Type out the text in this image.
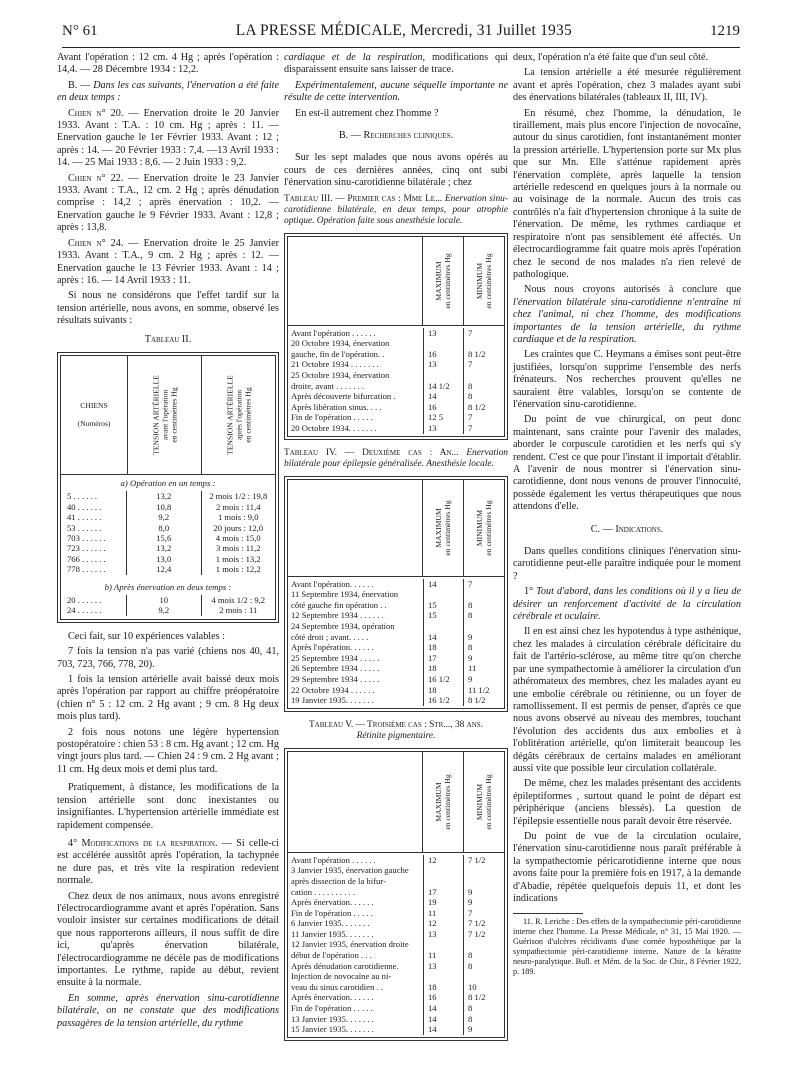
N° 61	LA PRESSE MÉDICALE, Mercredi, 31 Juillet 1935	1219

Avant l'opération : 12 cm. 4 Hg ; après l'opération : 14,4. — 28 Décembre 1934 : 12,2.

B. — Dans les cas suivants, l'énervation a été faite en deux temps :

Chien n° 20. — Enervation droite le 20 Janvier 1933. Avant : T.A. : 10 cm. Hg ; après : 11. — Enervation gauche le 1er Février 1933. Avant : 12 ; après : 14. — 20 Février 1933 : 7,4. —13 Avril 1933 : 14. — 25 Mai 1933 : 8,6. — 2 Juin 1933 : 9,2.

Chien n° 22. — Enervation droite le 23 Janvier 1933. Avant : T.A., 12 cm. 2 Hg ; après dénudation comprise : 14,2 ; après énervation : 10,2. — Enervation gauche le 9 Février 1933. Avant : 12,8 ; après : 13,8.

Chien n° 24. — Enervation droite le 25 Janvier 1933. Avant : T.A., 9 cm. 2 Hg ; après : 12. — Enervation gauche le 13 Février 1933. Avant : 14 ; après : 16. — 14 Avril 1933 : 11.

Si nous ne considérons que l'effet tardif sur la tension artérielle, nous avons, en somme, observé les résultats suivants :

Tableau II.

CHIENS
(Numéros)	TENSION ARTÉRIELLE
avant l'opération
en centimètres Hg	TENSION ARTÉRIELLE
après l'opération
en centimètres Hg
a) Opération en un temps :
5 . . . . . .	13,2	2 mois 1/2 : 19,8
40 . . . . . .	10,8	2 mois : 11,4
41 . . . . . .	9,2	1 mois : 9,0
53 . . . . . .	8,0	20 jours : 12,0
703 . . . . . .	15,6	4 mois : 15,0
723 . . . . . .	13,2	3 mois : 11,2
766 . . . . . .	13,0	1 mois : 13,2
778 . . . . . .	12,4	1 mois : 12,2
b) Après énervation en deux temps :
20 . . . . . .	10	4 mois 1/2 : 9,2
24 . . . . . .	9,2	2 mois : 11

Ceci fait, sur 10 expériences valables :

7 fois la tension n'a pas varié (chiens nos 40, 41, 703, 723, 766, 778, 20).

1 fois la tension artérielle avait baissé deux mois après l'opération par rapport au chiffre préopératoire (chien n° 5 : 12 cm. 2 Hg avant ; 9 cm. 8 Hg deux mois plus tard).

2 fois nous notons une légère hypertension postopératoire : chien 53 : 8 cm. Hg avant ; 12 cm. Hg vingt jours plus tard. — Chien 24 : 9 cm. 2 Hg avant ; 11 cm. Hg deux mois et demi plus tard.

Pratiquement, à distance, les modifications de la tension artérielle sont donc inexistantes ou insignifiantes. L'hypertension artérielle immédiate est rapidement compensée.

4° Modifications de la respiration. — Si celle-ci est accélérée aussitôt après l'opération, la tachypnée ne dure pas, et très vite la respiration redevient normale.

Chez deux de nos animaux, nous avons enregistré l'électrocardiogramme avant et après l'opération. Sans vouloir insister sur certaines modifications de détail que nous rapporterons ailleurs, il nous suffit de dire ici, qu'après énervation bilatérale, l'électrocardiogramme ne décèle pas de modifications importantes. Le rythme, rapide au début, revient ensuite à la normale.

En somme, après énervation sinu-carotidienne bilatérale, on ne constate que des modifications passagères de la tension artérielle, du rythme

cardiaque et de la respiration, modifications qui disparaissent ensuite sans laisser de trace.

Expérimentalement, aucune séquelle importante ne résulte de cette intervention.

En est-il autrement chez l'homme ?

B. — Recherches cliniques.

Sur les sept malades que nous avons opérés au cours de ces dernières années, cinq ont subi l'énervation sinu-carotidienne bilatérale ; chez

Tableau III. — Premier cas : Mme Le... Enervation sinu-carotidienne bilatérale, en deux temps, pour atrophie optique. Opération faite sous anesthésie locale.

MAXIMUM
en centimètres Hg	MINIMUM
en centimètres Hg
Avant l'opération . . . . . .	13	7
20 Octobre 1934, énervation
gauche, fin de l'opération. .	16	8 1/2
21 Octobre 1934 . . . . . . .	13	7
25 Octobre 1934, énervation
droite, avant . . . . . . .	14 1/2	8
Après découverte bifurcation .	14	8
Après libération sinus. . . .	16	8 1/2
Fin de l'opération . . . . .	12 5	7
20 Octobre 1934. . . . . . .	13	7

Tableau IV. — Deuxième cas : An... Enervation bilatérale pour épilepsie généralisée. Anesthésie locale.

MAXIMUM
en centimètres Hg	MINIMUM
en centimètres Hg
Avant l'opération. . . . . .	14	7
11 Septembre 1934, énervation
côté gauche fin opération . .	15	8
12 Septembre 1934 . . . . . .	15	8
24 Septembre 1934, opération
côté droit ; avant. . . . .	14	9
Après l'opération. . . . . .	18	8
25 Septembre 1934 . . . . .	17	9
26 Septembre 1934 . . . . .	18	11
29 Septembre 1934 . . . . .	16 1/2	9
22 Octobre 1934 . . . . . .	18	11 1/2
19 Janvier 1935. . . . . . .	16 1/2	8 1/2

Tableau V. — Troisième cas : Str..., 38 ans.
Rétinite pigmentaire.

MAXIMUM
en centimètres Hg	MINIMUM
en centimètres Hg
Avant l'opération . . . . . .	12	7 1/2
3 Janvier 1935, énervation gauche
après dissection de la bifur-
cation . . . . . . . . . .	17	9
Après énervation. . . . . .	19	9
Fin de l'opération . . . . .	11	7
6 Janvier 1935. . . . . . .	12	7 1/2
11 Janvier 1935. . . . . . .	13	7 1/2
12 Janvier 1935, énervation droite
début de l'opération . . .	11	8
Après dénudation carotidienne.	13	8
Injection de novocaïne au ni-
veau du sinus carotidien . .	18	10
Après énervation. . . . . .	16	8 1/2
Fin de l'opération . . . . .	14	8
13 Janvier 1935. . . . . . .	14	8
15 Janvier 1935. . . . . . .	14	9

deux, l'opération n'a été faite que d'un seul côté.

La tension artérielle a été mesurée régulièrement avant et après l'opération, chez 3 malades ayant subi des énervations bilatérales (tableaux II, III, IV).

En résumé, chez l'homme, la dénudation, le tiraillement, mais plus encore l'injection de novocaïne, autour du sinus carotidien, font instantanément monter la pression artérielle. L'hypertension porte sur Mx plus que sur Mn. Elle s'atténue rapidement après l'énervation complète, après laquelle la tension artérielle redescend en quelques jours à la normale ou au voisinage de la normale. Aucun des trois cas contrôlés n'a fait d'hypertension chronique à la suite de l'énervation. De même, les rythmes cardiaque et respiratoire n'ont pas sensiblement été affectés. Un électrocardiogramme fait quatre mois après l'opération chez le second de nos malades n'a rien relevé de pathologique.

Nous nous croyons autorisés à conclure que l'énervation bilatérale sinu-carotidienne n'entraîne ni chez l'animal, ni chez l'homme, des modifications importantes de la tension artérielle, du rythme cardiaque et de la respiration.

Les craintes que C. Heymans a émises sont peut-être justifiées, lorsqu'on supprime l'ensemble des nerfs frénateurs. Nos recherches prouvent qu'elles ne sauraient être valables, lorsqu'on se contente de l'énervation sinu-carotidienne.

Du point de vue chirurgical, on peut donc maintenant, sans crainte pour l'avenir des malades, aborder le corpuscule carotidien et les nerfs qui s'y rendent. C'est ce que pour l'instant il importait d'établir. A l'avenir de nous montrer si l'énervation sinu-carotidienne, dont nous venons de prouver l'innocuité, possède également les vertus thérapeutiques que nous attendons d'elle.

C. — Indications.

Dans quelles conditions cliniques l'énervation sinu-carotidienne peut-elle paraître indiquée pour le moment ?

1° Tout d'abord, dans les conditions où il y a lieu de désirer un renforcement d'activité de la circulation cérébrale et oculaire.

Il en est ainsi chez les hypotendus à type asthénique, chez les malades à circulation cérébrale déficitaire du fait de l'artério-sclérose, au même titre qu'on cherche par une sympathectomie à améliorer la circulation d'un athéromateux des membres, chez les malades ayant eu une embolie cérébrale ou rétinienne, ou un foyer de ramollissement. Il est permis de penser, d'après ce que nous avons observé au niveau des membres, touchant l'évolution des accidents dus aux embolies et à l'oblitération artérielle, qu'on limiterait beaucoup les dégâts cérébraux de certains malades en améliorant aussi vite que possible leur circulation collatérale.

De même, chez les malades présentant des accidents épileptiformes , surtout quand le point de départ est périphérique (anciens blessés). La question de l'épilepsie essentielle nous paraît devoir être réservée.

Du point de vue de la circulation oculaire, l'énervation sinu-carotidienne nous paraît préférable à la sympathectomie péricarotidienne interne que nous avons faite pour la première fois en 1917, à la demande d'Abadie, répétée quelquefois depuis 11, et dont les indications

11. R. Leriche : Des effets de la sympathectomie péri-carotidienne interne chez l'homme. La Presse Médicale, n° 31, 15 Mai 1920. — Guérison d'ulcères récidivants d'une cornée hyposthétique par la sympathectomie péri-carotidienne interne. Nature de la kératite neuro-paralytique. Bull. et Mém. de la Soc. de Chir., 8 Février 1922, p. 189.
